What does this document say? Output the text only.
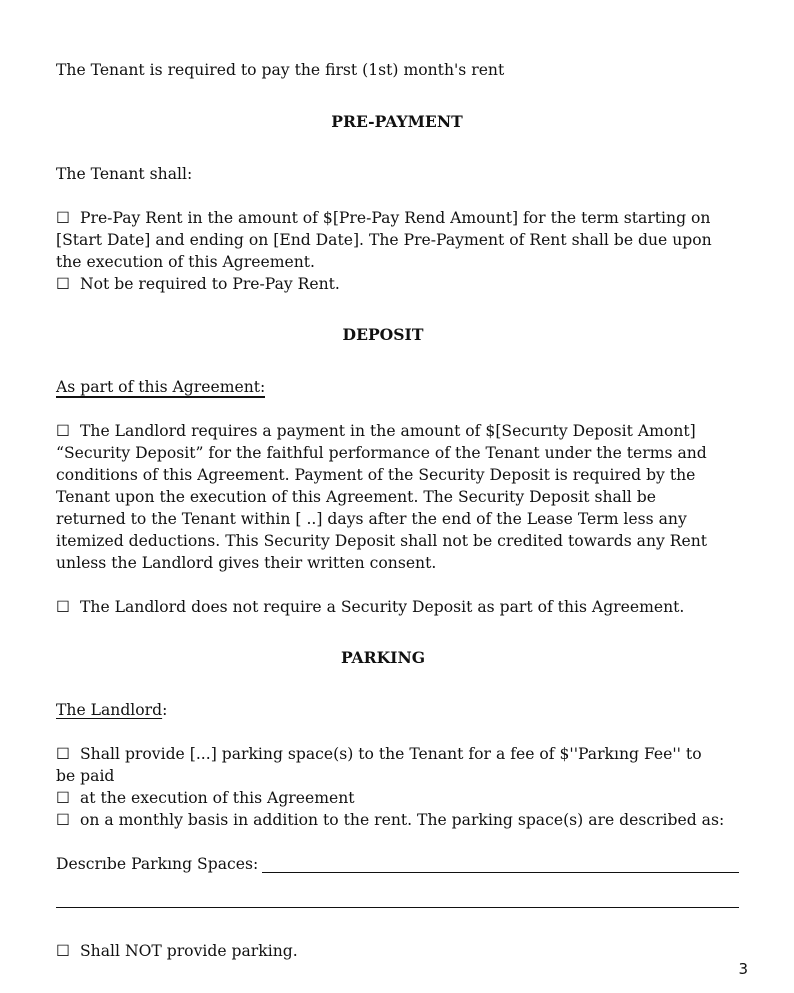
The Tenant is required to pay the first (1st) month's rent

PRE-PAYMENT

The Tenant shall:

☐ Pre-Pay Rent in the amount of $[Pre-Pay Rend Amount] for the term starting on

[Start Date] and ending on [End Date]. The Pre-Payment of Rent shall be due upon

the execution of this Agreement.

☐ Not be required to Pre-Pay Rent.

DEPOSIT

As part of this Agreement:

☐ The Landlord requires a payment in the amount of $[Securıty Deposit Amont]

“Security Deposit” for the faithful performance of the Tenant under the terms and

conditions of this Agreement. Payment of the Security Deposit is required by the

Tenant upon the execution of this Agreement. The Security Deposit shall be

returned to the Tenant within [ ..] days after the end of the Lease Term less any

itemized deductions. This Security Deposit shall not be credited towards any Rent

unless the Landlord gives their written consent.

☐ The Landlord does not require a Security Deposit as part of this Agreement.

PARKING

The Landlord:

☐ Shall provide [...] parking space(s) to the Tenant for a fee of $''Parkıng Fee'' to

be paid

☐ at the execution of this Agreement

☐ on a monthly basis in addition to the rent. The parking space(s) are described as:

Descrıbe Parkıng Spaces:

☐ Shall NOT provide parking.

3
